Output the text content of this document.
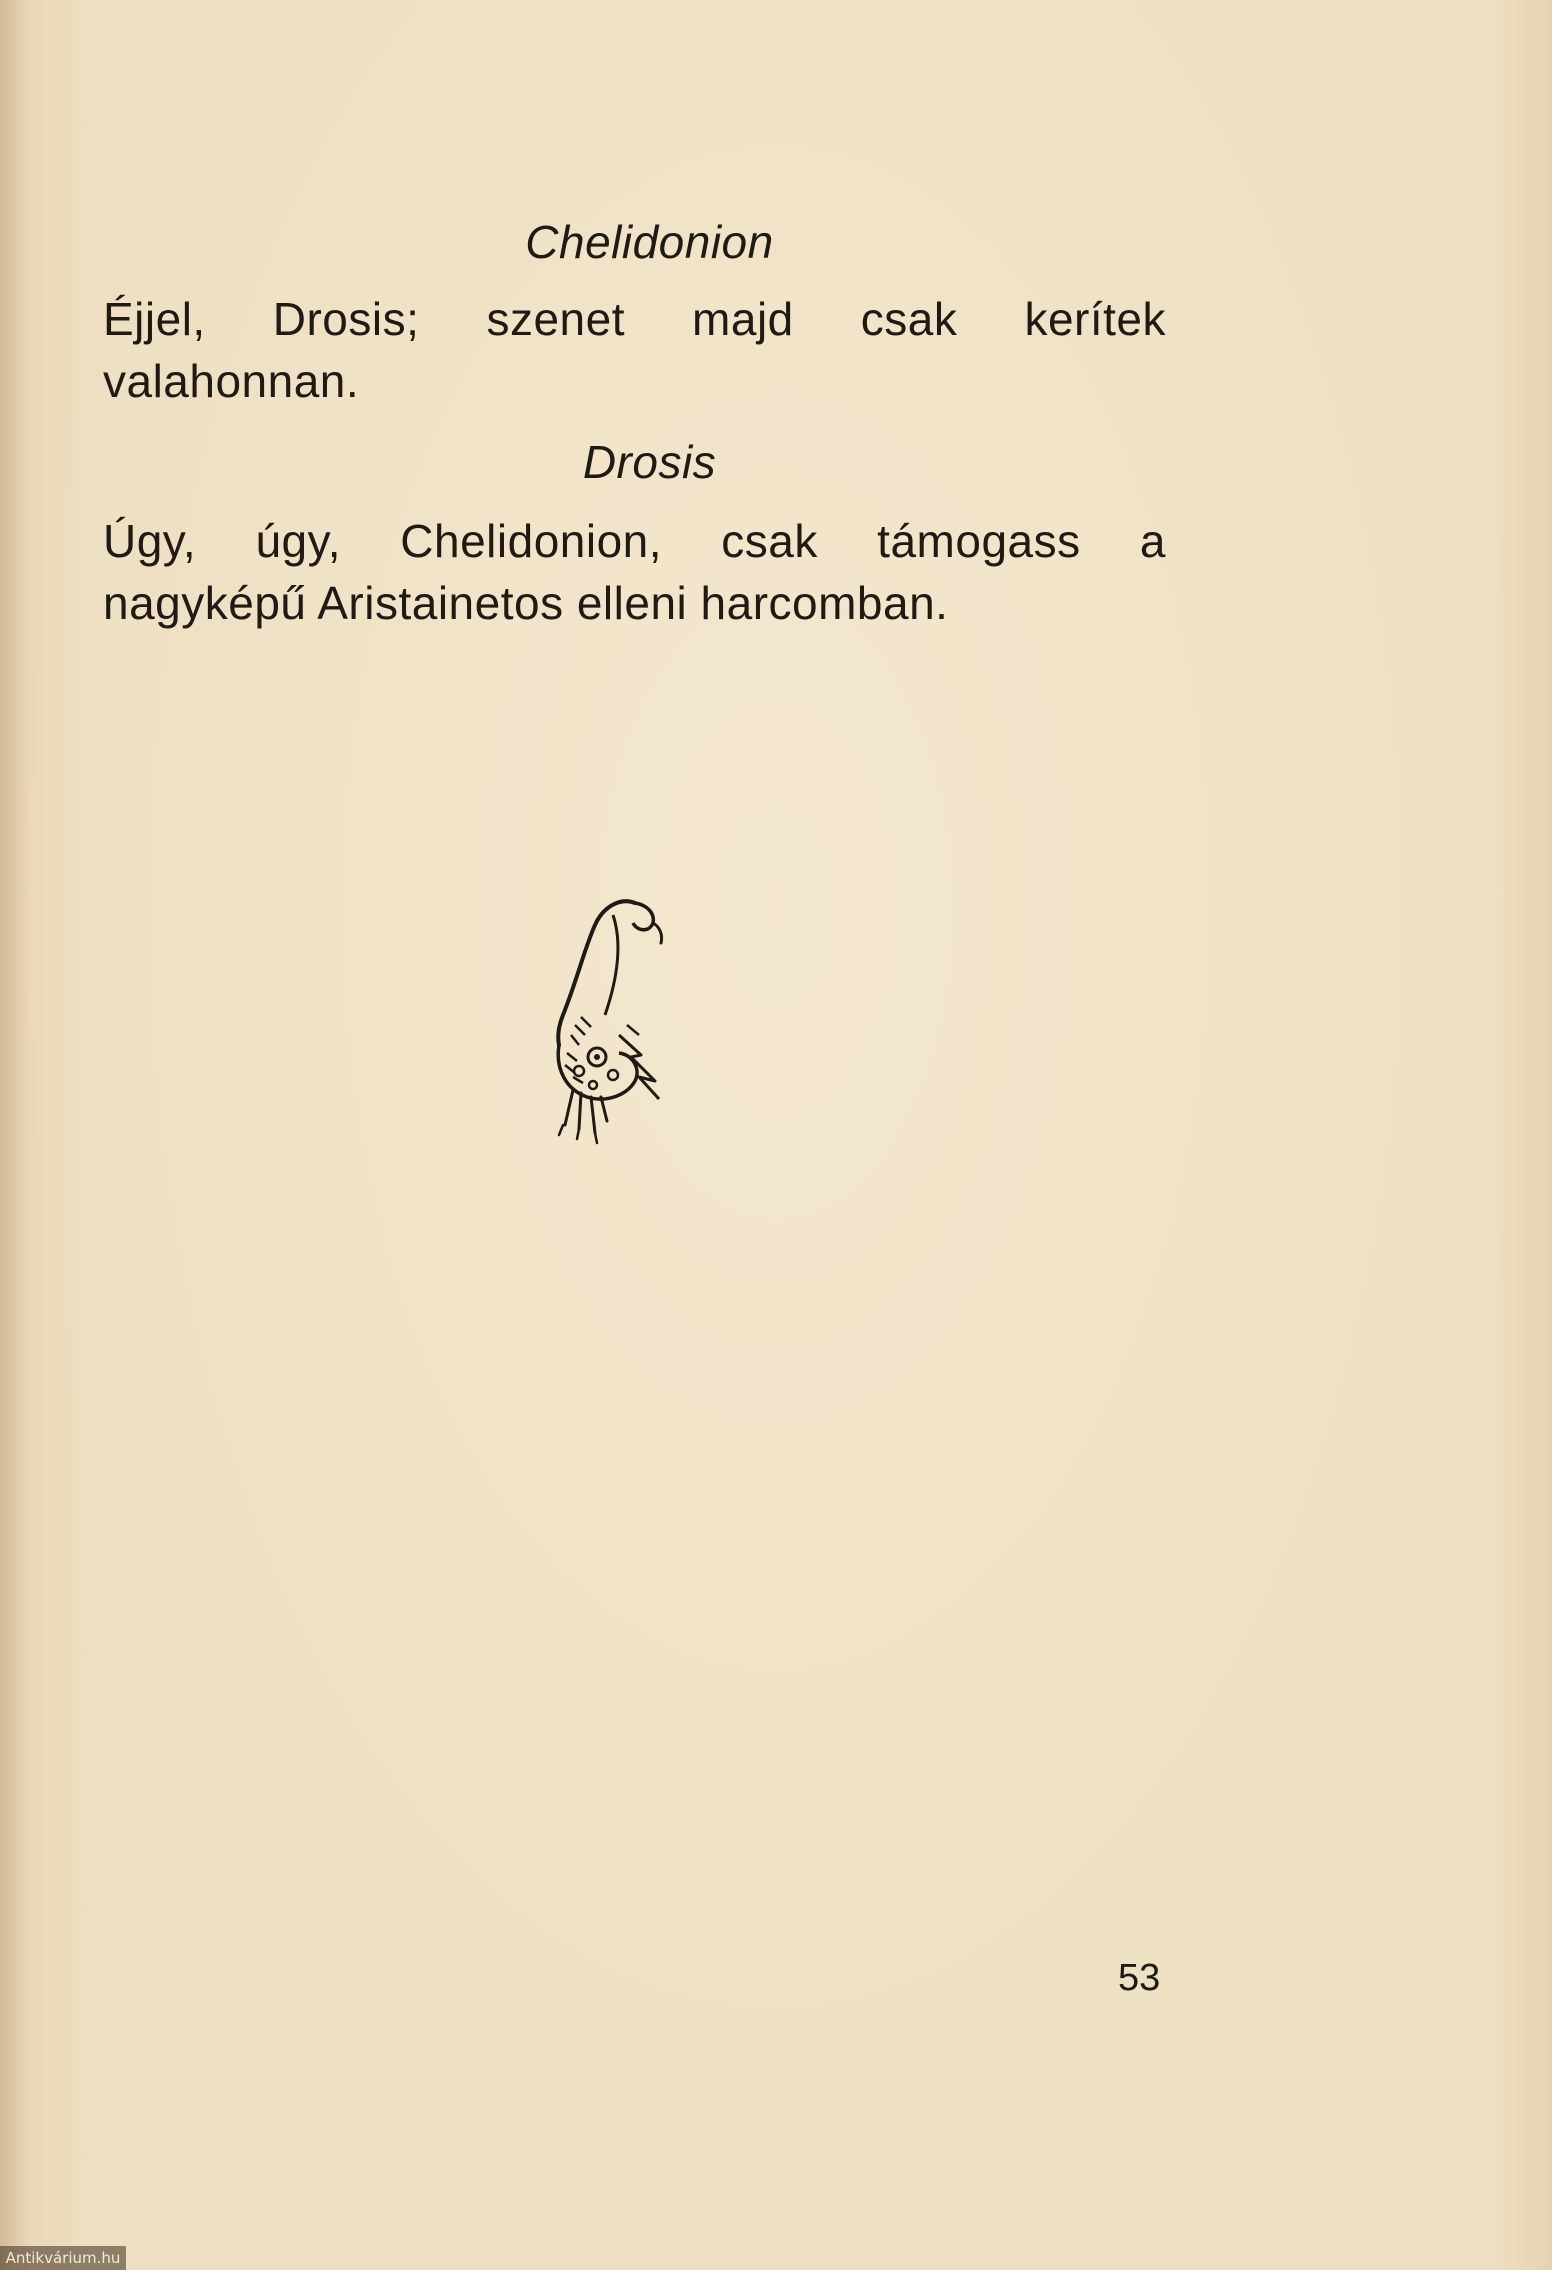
Chelidonion

Éjjel, Drosis; szenet majd csak kerítek

valahonnan.

Drosis

Úgy, úgy, Chelidonion, csak támogass a

nagyképű Aristainetos elleni harcomban.

53
Antikvárium.hu
